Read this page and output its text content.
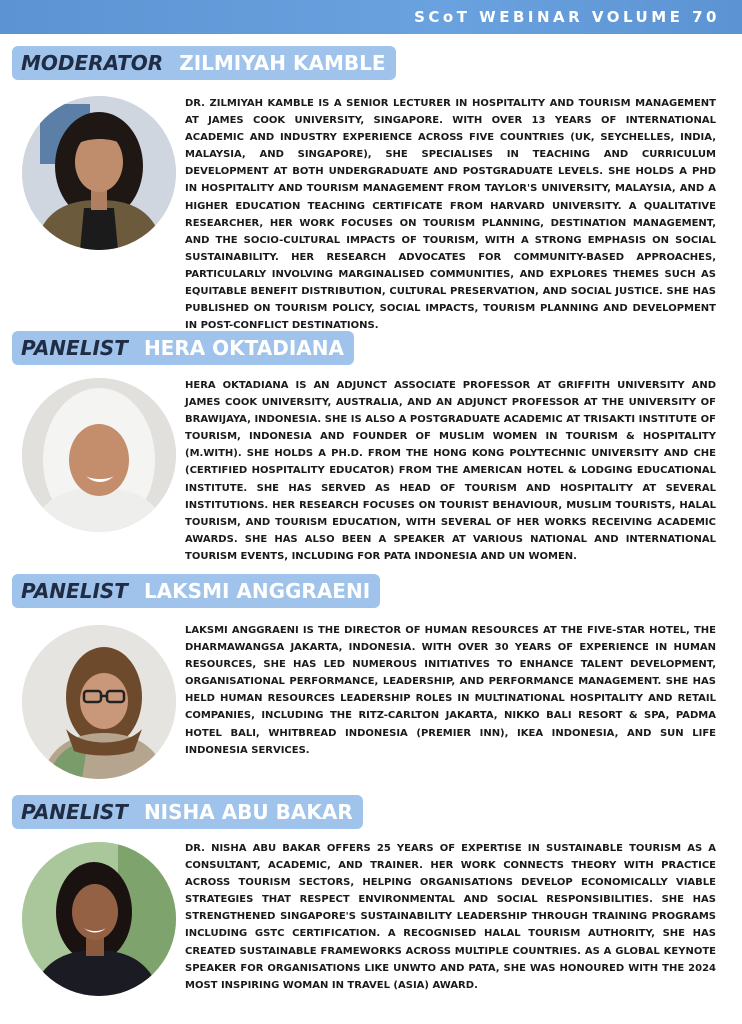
SCoT WEBINAR VOLUME 70
MODERATOR ZILMIYAH KAMBLE

DR. ZILMIYAH KAMBLE IS A SENIOR LECTURER IN HOSPITALITY AND TOURISM MANAGEMENT AT JAMES COOK UNIVERSITY, SINGAPORE. WITH OVER 13 YEARS OF INTERNATIONAL ACADEMIC AND INDUSTRY EXPERIENCE ACROSS FIVE COUNTRIES (UK, SEYCHELLES, INDIA, MALAYSIA, AND SINGAPORE), SHE SPECIALISES IN TEACHING AND CURRICULUM DEVELOPMENT AT BOTH UNDERGRADUATE AND POSTGRADUATE LEVELS. SHE HOLDS A PHD IN HOSPITALITY AND TOURISM MANAGEMENT FROM TAYLOR'S UNIVERSITY, MALAYSIA, AND A HIGHER EDUCATION TEACHING CERTIFICATE FROM HARVARD UNIVERSITY. A QUALITATIVE RESEARCHER, HER WORK FOCUSES ON TOURISM PLANNING, DESTINATION MANAGEMENT, AND THE SOCIO-CULTURAL IMPACTS OF TOURISM, WITH A STRONG EMPHASIS ON SOCIAL SUSTAINABILITY. HER RESEARCH ADVOCATES FOR COMMUNITY-BASED APPROACHES, PARTICULARLY INVOLVING MARGINALISED COMMUNITIES, AND EXPLORES THEMES SUCH AS EQUITABLE BENEFIT DISTRIBUTION, CULTURAL PRESERVATION, AND SOCIAL JUSTICE. SHE HAS PUBLISHED ON TOURISM POLICY, SOCIAL IMPACTS, TOURISM PLANNING AND DEVELOPMENT IN POST-CONFLICT DESTINATIONS.

PANELIST HERA OKTADIANA

HERA OKTADIANA IS AN ADJUNCT ASSOCIATE PROFESSOR AT GRIFFITH UNIVERSITY AND JAMES COOK UNIVERSITY, AUSTRALIA, AND AN ADJUNCT PROFESSOR AT THE UNIVERSITY OF BRAWIJAYA, INDONESIA. SHE IS ALSO A POSTGRADUATE ACADEMIC AT TRISAKTI INSTITUTE OF TOURISM, INDONESIA AND FOUNDER OF MUSLIM WOMEN IN TOURISM & HOSPITALITY (M.WITH). SHE HOLDS A PH.D. FROM THE HONG KONG POLYTECHNIC UNIVERSITY AND CHE (CERTIFIED HOSPITALITY EDUCATOR) FROM THE AMERICAN HOTEL & LODGING EDUCATIONAL INSTITUTE. SHE HAS SERVED AS HEAD OF TOURISM AND HOSPITALITY AT SEVERAL INSTITUTIONS. HER RESEARCH FOCUSES ON TOURIST BEHAVIOUR, MUSLIM TOURISTS, HALAL TOURISM, AND TOURISM EDUCATION, WITH SEVERAL OF HER WORKS RECEIVING ACADEMIC AWARDS. SHE HAS ALSO BEEN A SPEAKER AT VARIOUS NATIONAL AND INTERNATIONAL TOURISM EVENTS, INCLUDING FOR PATA INDONESIA AND UN WOMEN.

PANELIST LAKSMI ANGGRAENI

LAKSMI ANGGRAENI IS THE DIRECTOR OF HUMAN RESOURCES AT THE FIVE-STAR HOTEL, THE DHARMAWANGSA JAKARTA, INDONESIA. WITH OVER 30 YEARS OF EXPERIENCE IN HUMAN RESOURCES, SHE HAS LED NUMEROUS INITIATIVES TO ENHANCE TALENT DEVELOPMENT, ORGANISATIONAL PERFORMANCE, LEADERSHIP, AND PERFORMANCE MANAGEMENT. SHE HAS HELD HUMAN RESOURCES LEADERSHIP ROLES IN MULTINATIONAL HOSPITALITY AND RETAIL COMPANIES, INCLUDING THE RITZ-CARLTON JAKARTA, NIKKO BALI RESORT & SPA, PADMA HOTEL BALI, WHITBREAD INDONESIA (PREMIER INN), IKEA INDONESIA, AND SUN LIFE INDONESIA SERVICES.

PANELIST NISHA ABU BAKAR

DR. NISHA ABU BAKAR OFFERS 25 YEARS OF EXPERTISE IN SUSTAINABLE TOURISM AS A CONSULTANT, ACADEMIC, AND TRAINER. HER WORK CONNECTS THEORY WITH PRACTICE ACROSS TOURISM SECTORS, HELPING ORGANISATIONS DEVELOP ECONOMICALLY VIABLE STRATEGIES THAT RESPECT ENVIRONMENTAL AND SOCIAL RESPONSIBILITIES. SHE HAS STRENGTHENED SINGAPORE'S SUSTAINABILITY LEADERSHIP THROUGH TRAINING PROGRAMS INCLUDING GSTC CERTIFICATION. A RECOGNISED HALAL TOURISM AUTHORITY, SHE HAS CREATED SUSTAINABLE FRAMEWORKS ACROSS MULTIPLE COUNTRIES. AS A GLOBAL KEYNOTE SPEAKER FOR ORGANISATIONS LIKE UNWTO AND PATA, SHE WAS HONOURED WITH THE 2024 MOST INSPIRING WOMAN IN TRAVEL (ASIA) AWARD.
